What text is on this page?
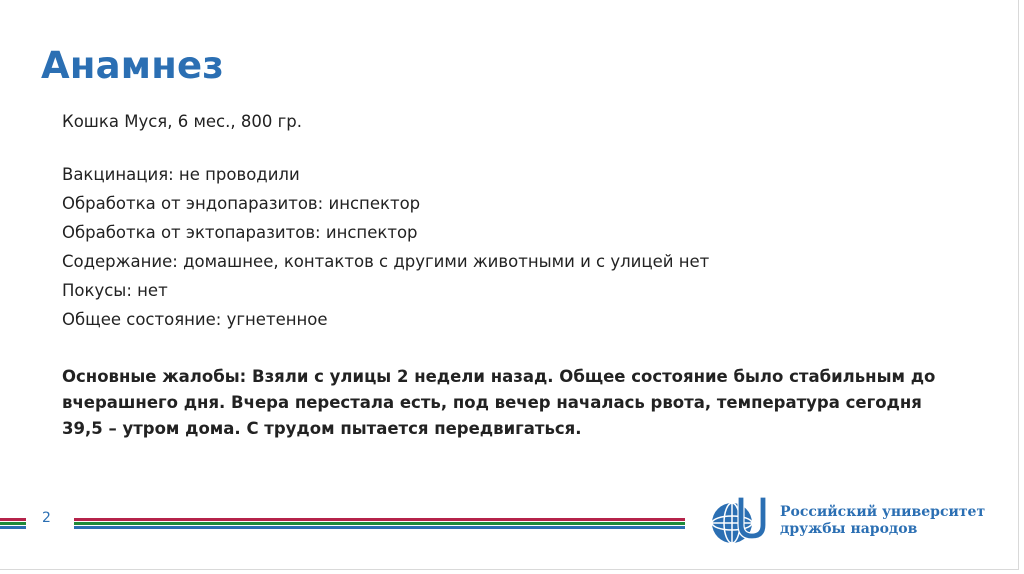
Анамнез

Кошка Муся, 6 мес., 800 гр.

Вакцинация: не проводили

Обработка от эндопаразитов: инспектор

Обработка от эктопаразитов: инспектор

Содержание: домашнее, контактов с другими животными и с улицей нет

Покусы: нет

Общее состояние: угнетенное

Основные жалобы: Взяли с улицы 2 недели назад. Общее состояние было стабильным до вчерашнего дня. Вчера перестала есть, под вечер началась рвота, температура сегодня 39,5 – утром дома. С трудом пытается передвигаться.

2	Российский университет
дружбы народов
